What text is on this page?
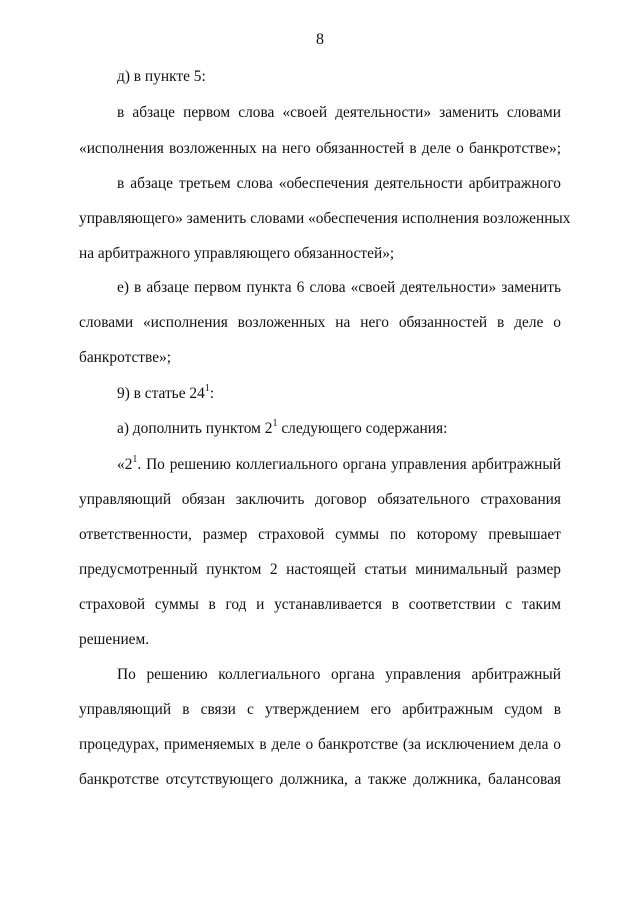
8

д) в пункте 5:

в абзаце первом слова «своей деятельности» заменить словами

«исполнения возложенных на него обязанностей в деле о банкротстве»;

в абзаце третьем слова «обеспечения деятельности арбитражного

управляющего» заменить словами «обеспечения исполнения возложенных

на арбитражного управляющего обязанностей»;

е) в абзаце первом пункта 6 слова «своей деятельности» заменить

словами «исполнения возложенных на него обязанностей в деле о

банкротстве»;

9) в статье $24^1$:

а) дополнить пунктом $2^1$ следующего содержания:

«$2^1$. По решению коллегиального органа управления арбитражный

управляющий обязан заключить договор обязательного страхования

ответственности, размер страховой суммы по которому превышает

предусмотренный пунктом 2 настоящей статьи минимальный размер

страховой суммы в год и устанавливается в соответствии с таким

решением.

По решению коллегиального органа управления арбитражный

управляющий в связи с утверждением его арбитражным судом в

процедурах, применяемых в деле о банкротстве (за исключением дела о

банкротстве отсутствующего должника, а также должника, балансовая
